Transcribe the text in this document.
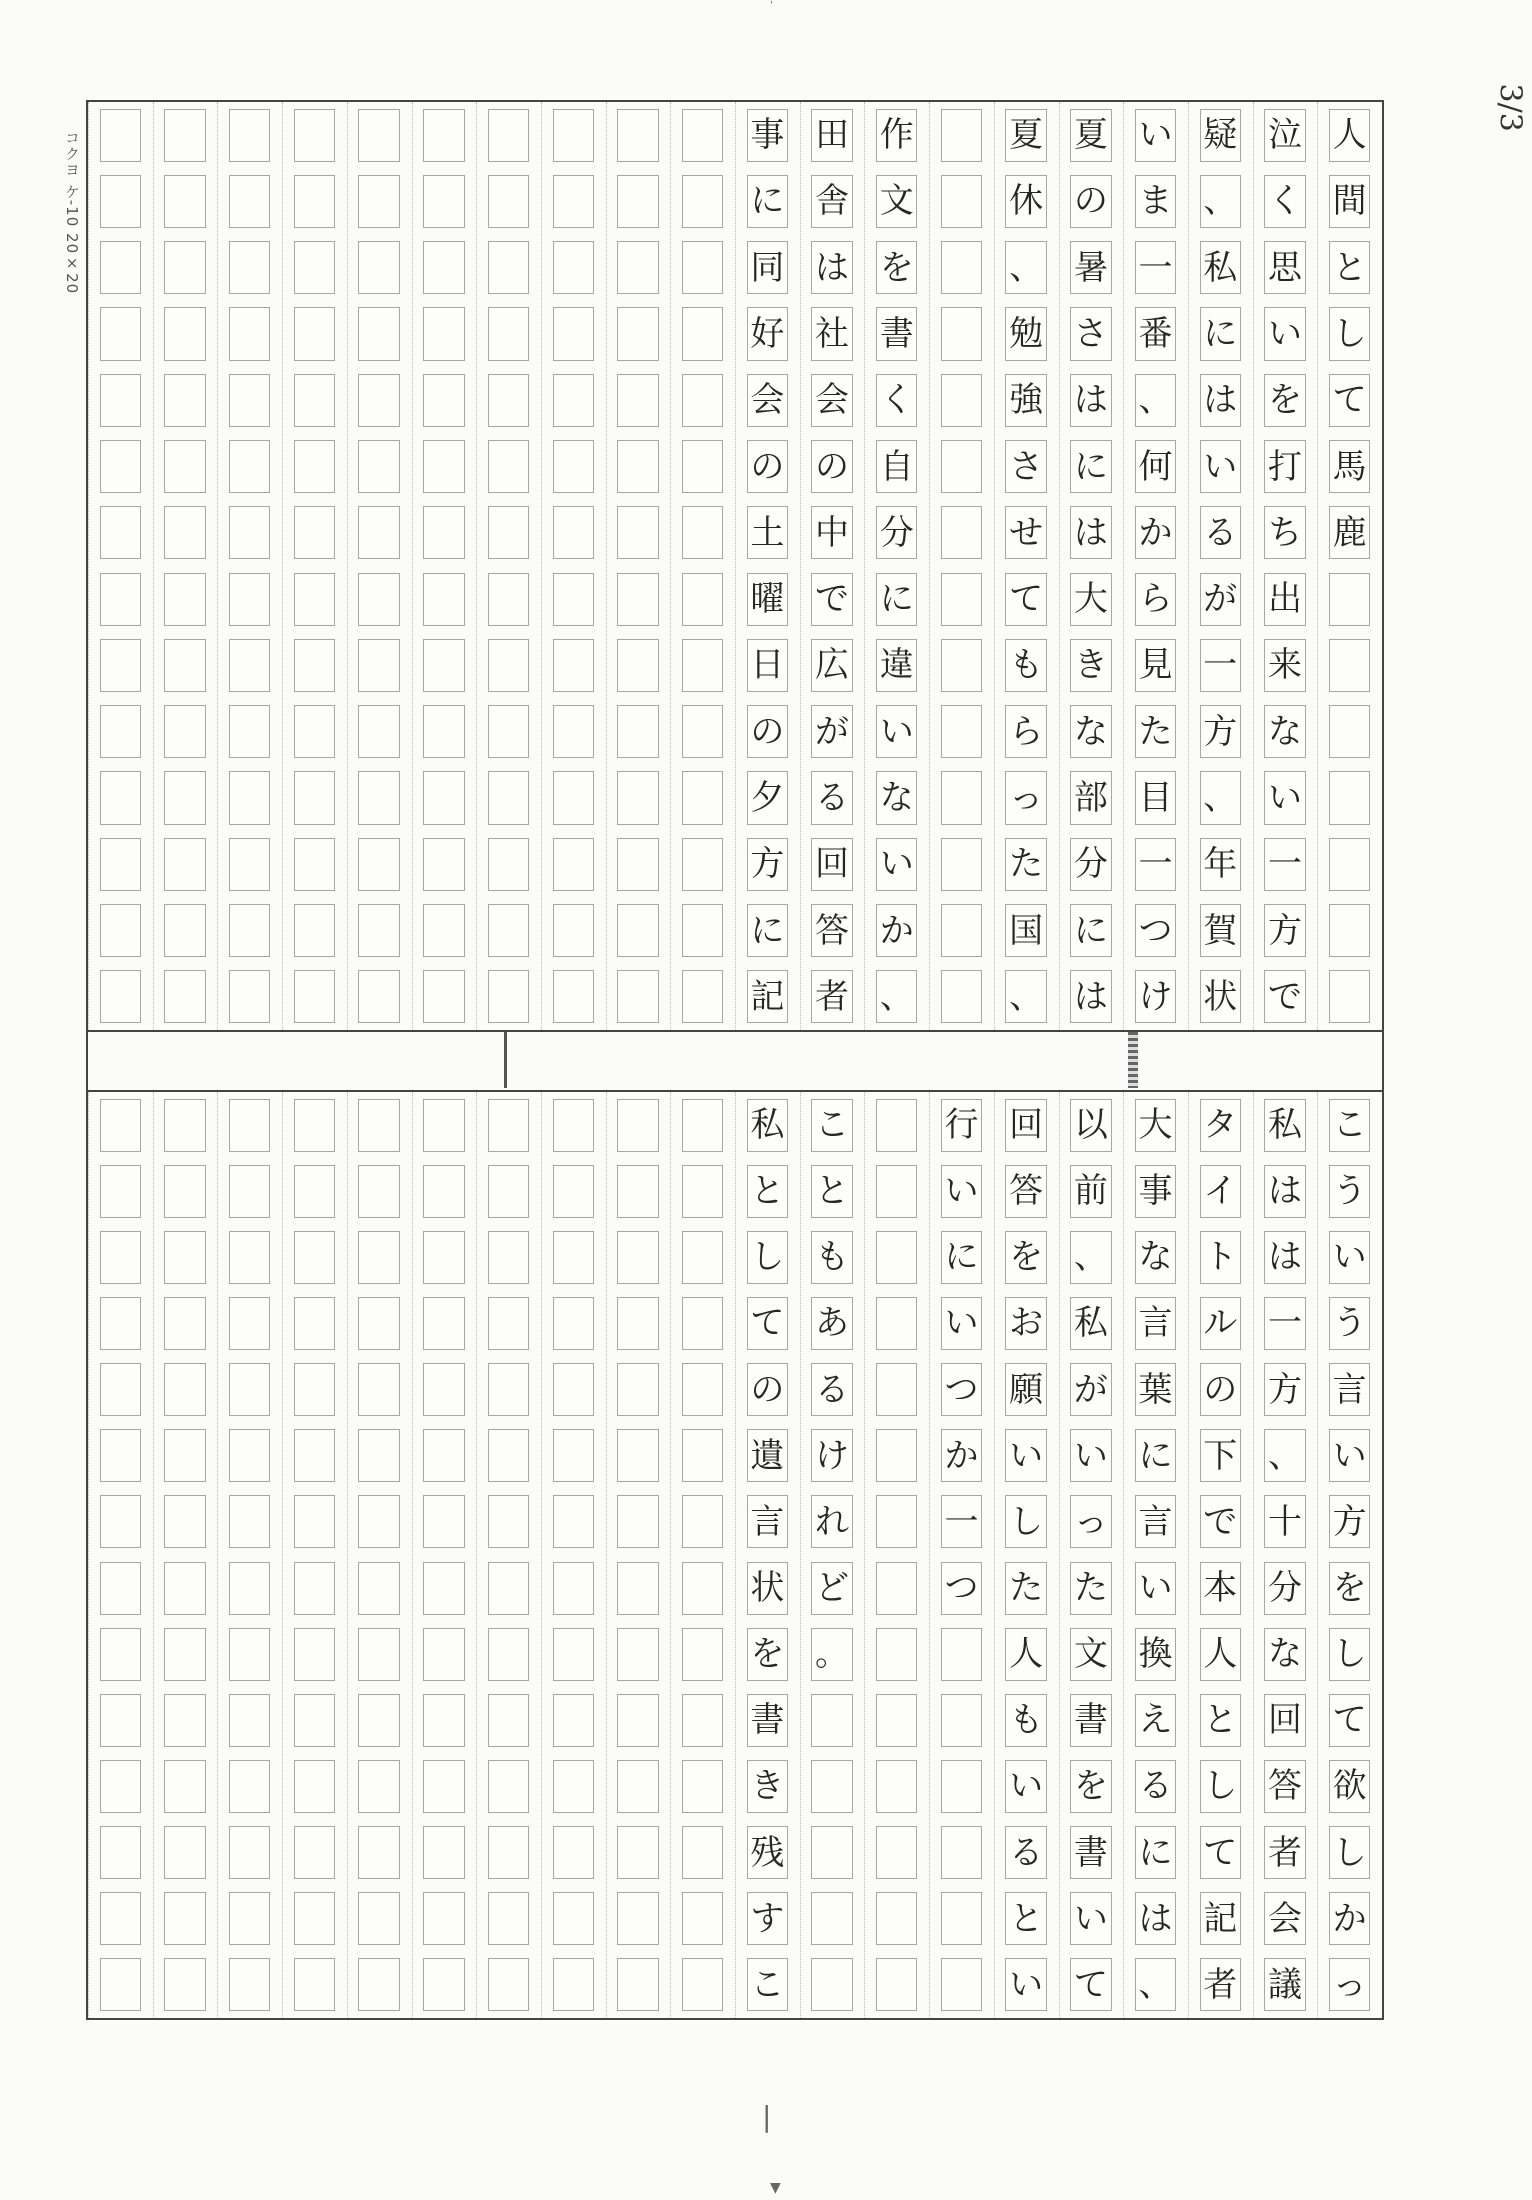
3/3
コクヨ ケ-10 20×20
'
人
間
と
し
て
馬
鹿
泣
く
思
い
を
打
ち
出
来
な
い
一
方
で
疑
、
私
に
は
い
る
が
一
方
、
年
賀
状
い
ま
一
番
、
何
か
ら
見
た
目
一
つ
け
夏
の
暑
さ
は
に
は
大
き
な
部
分
に
は
夏
休
、
勉
強
さ
せ
て
も
ら
っ
た
国
、
作
文
を
書
く
自
分
に
違
い
な
い
か
、
田
舎
は
社
会
の
中
で
広
が
る
回
答
者
事
に
同
好
会
の
土
曜
日
の
夕
方
に
記
こ
う
い
う
言
い
方
を
し
て
欲
し
か
っ
私
は
は
一
方
、
十
分
な
回
答
者
会
議
タ
イ
ト
ル
の
下
で
本
人
と
し
て
記
者
大
事
な
言
葉
に
言
い
換
え
る
に
は
、
以
前
、
私
が
い
っ
た
文
書
を
書
い
て
回
答
を
お
願
い
し
た
人
も
い
る
と
い
行
い
に
い
つ
か
一
つ
こ
と
も
あ
る
け
れ
ど
。
私
と
し
て
の
遺
言
状
を
書
き
残
す
こ
|
▼
